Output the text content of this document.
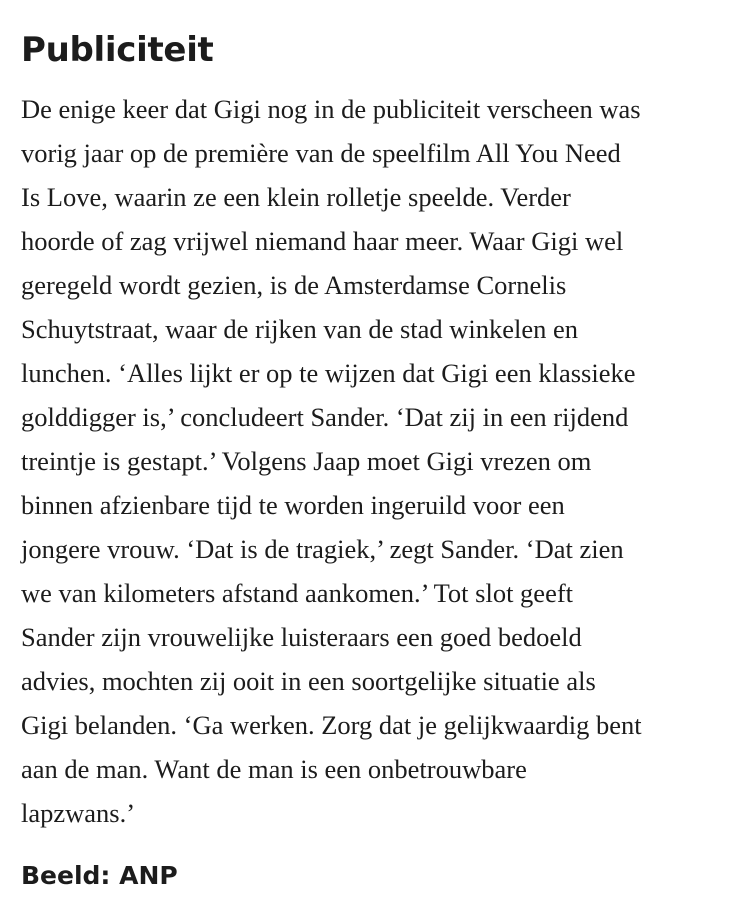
Publiciteit

De enige keer dat Gigi nog in de publiciteit verscheen was
vorig jaar op de première van de speelfilm All You Need
Is Love, waarin ze een klein rolletje speelde. Verder
hoorde of zag vrijwel niemand haar meer. Waar Gigi wel
geregeld wordt gezien, is de Amsterdamse Cornelis
Schuytstraat, waar de rijken van de stad winkelen en
lunchen. ‘Alles lijkt er op te wijzen dat Gigi een klassieke
golddigger is,’ concludeert Sander. ‘Dat zij in een rijdend
treintje is gestapt.’ Volgens Jaap moet Gigi vrezen om
binnen afzienbare tijd te worden ingeruild voor een
jongere vrouw. ‘Dat is de tragiek,’ zegt Sander. ‘Dat zien
we van kilometers afstand aankomen.’ Tot slot geeft
Sander zijn vrouwelijke luisteraars een goed bedoeld
advies, mochten zij ooit in een soortgelijke situatie als
Gigi belanden. ‘Ga werken. Zorg dat je gelijkwaardig bent
aan de man. Want de man is een onbetrouwbare
lapzwans.’

Beeld: ANP
